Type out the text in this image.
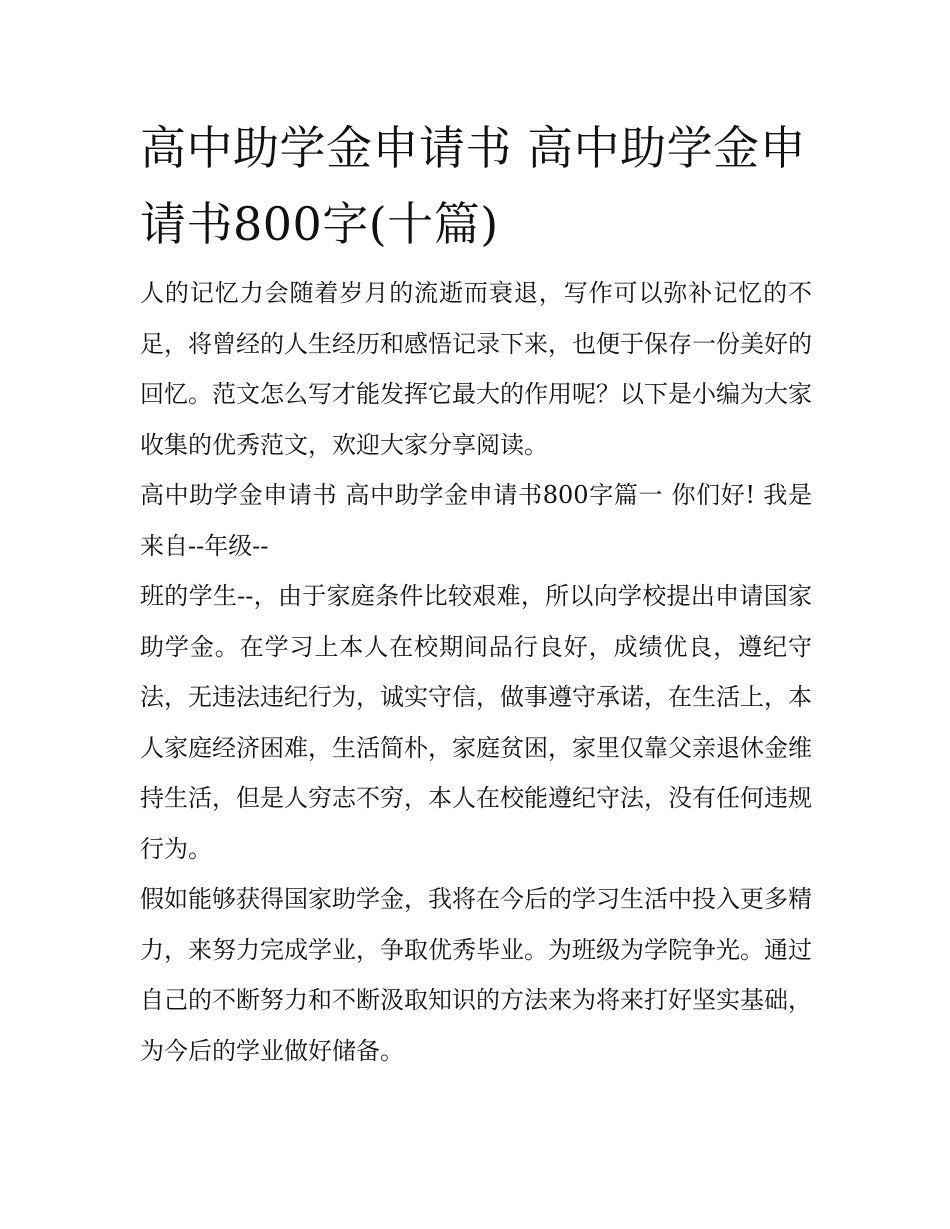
高中助学金申请书 高中助学金申请书800字(十篇)

人的记忆力会随着岁月的流逝而衰退，写作可以弥补记忆的不足，将曾经的人生经历和感悟记录下来，也便于保存一份美好的回忆。范文怎么写才能发挥它最大的作用呢？以下是小编为大家收集的优秀范文，欢迎大家分享阅读。

高中助学金申请书 高中助学金申请书800字篇一 你们好! 我是来自--年级--

班的学生--，由于家庭条件比较艰难，所以向学校提出申请国家助学金。在学习上本人在校期间品行良好，成绩优良，遵纪守法，无违法违纪行为，诚实守信，做事遵守承诺，在生活上，本人家庭经济困难，生活简朴，家庭贫困，家里仅靠父亲退休金维持生活，但是人穷志不穷，本人在校能遵纪守法，没有任何违规行为。

假如能够获得国家助学金，我将在今后的学习生活中投入更多精力，来努力完成学业，争取优秀毕业。为班级为学院争光。通过自己的不断努力和不断汲取知识的方法来为将来打好坚实基础，为今后的学业做好储备。
